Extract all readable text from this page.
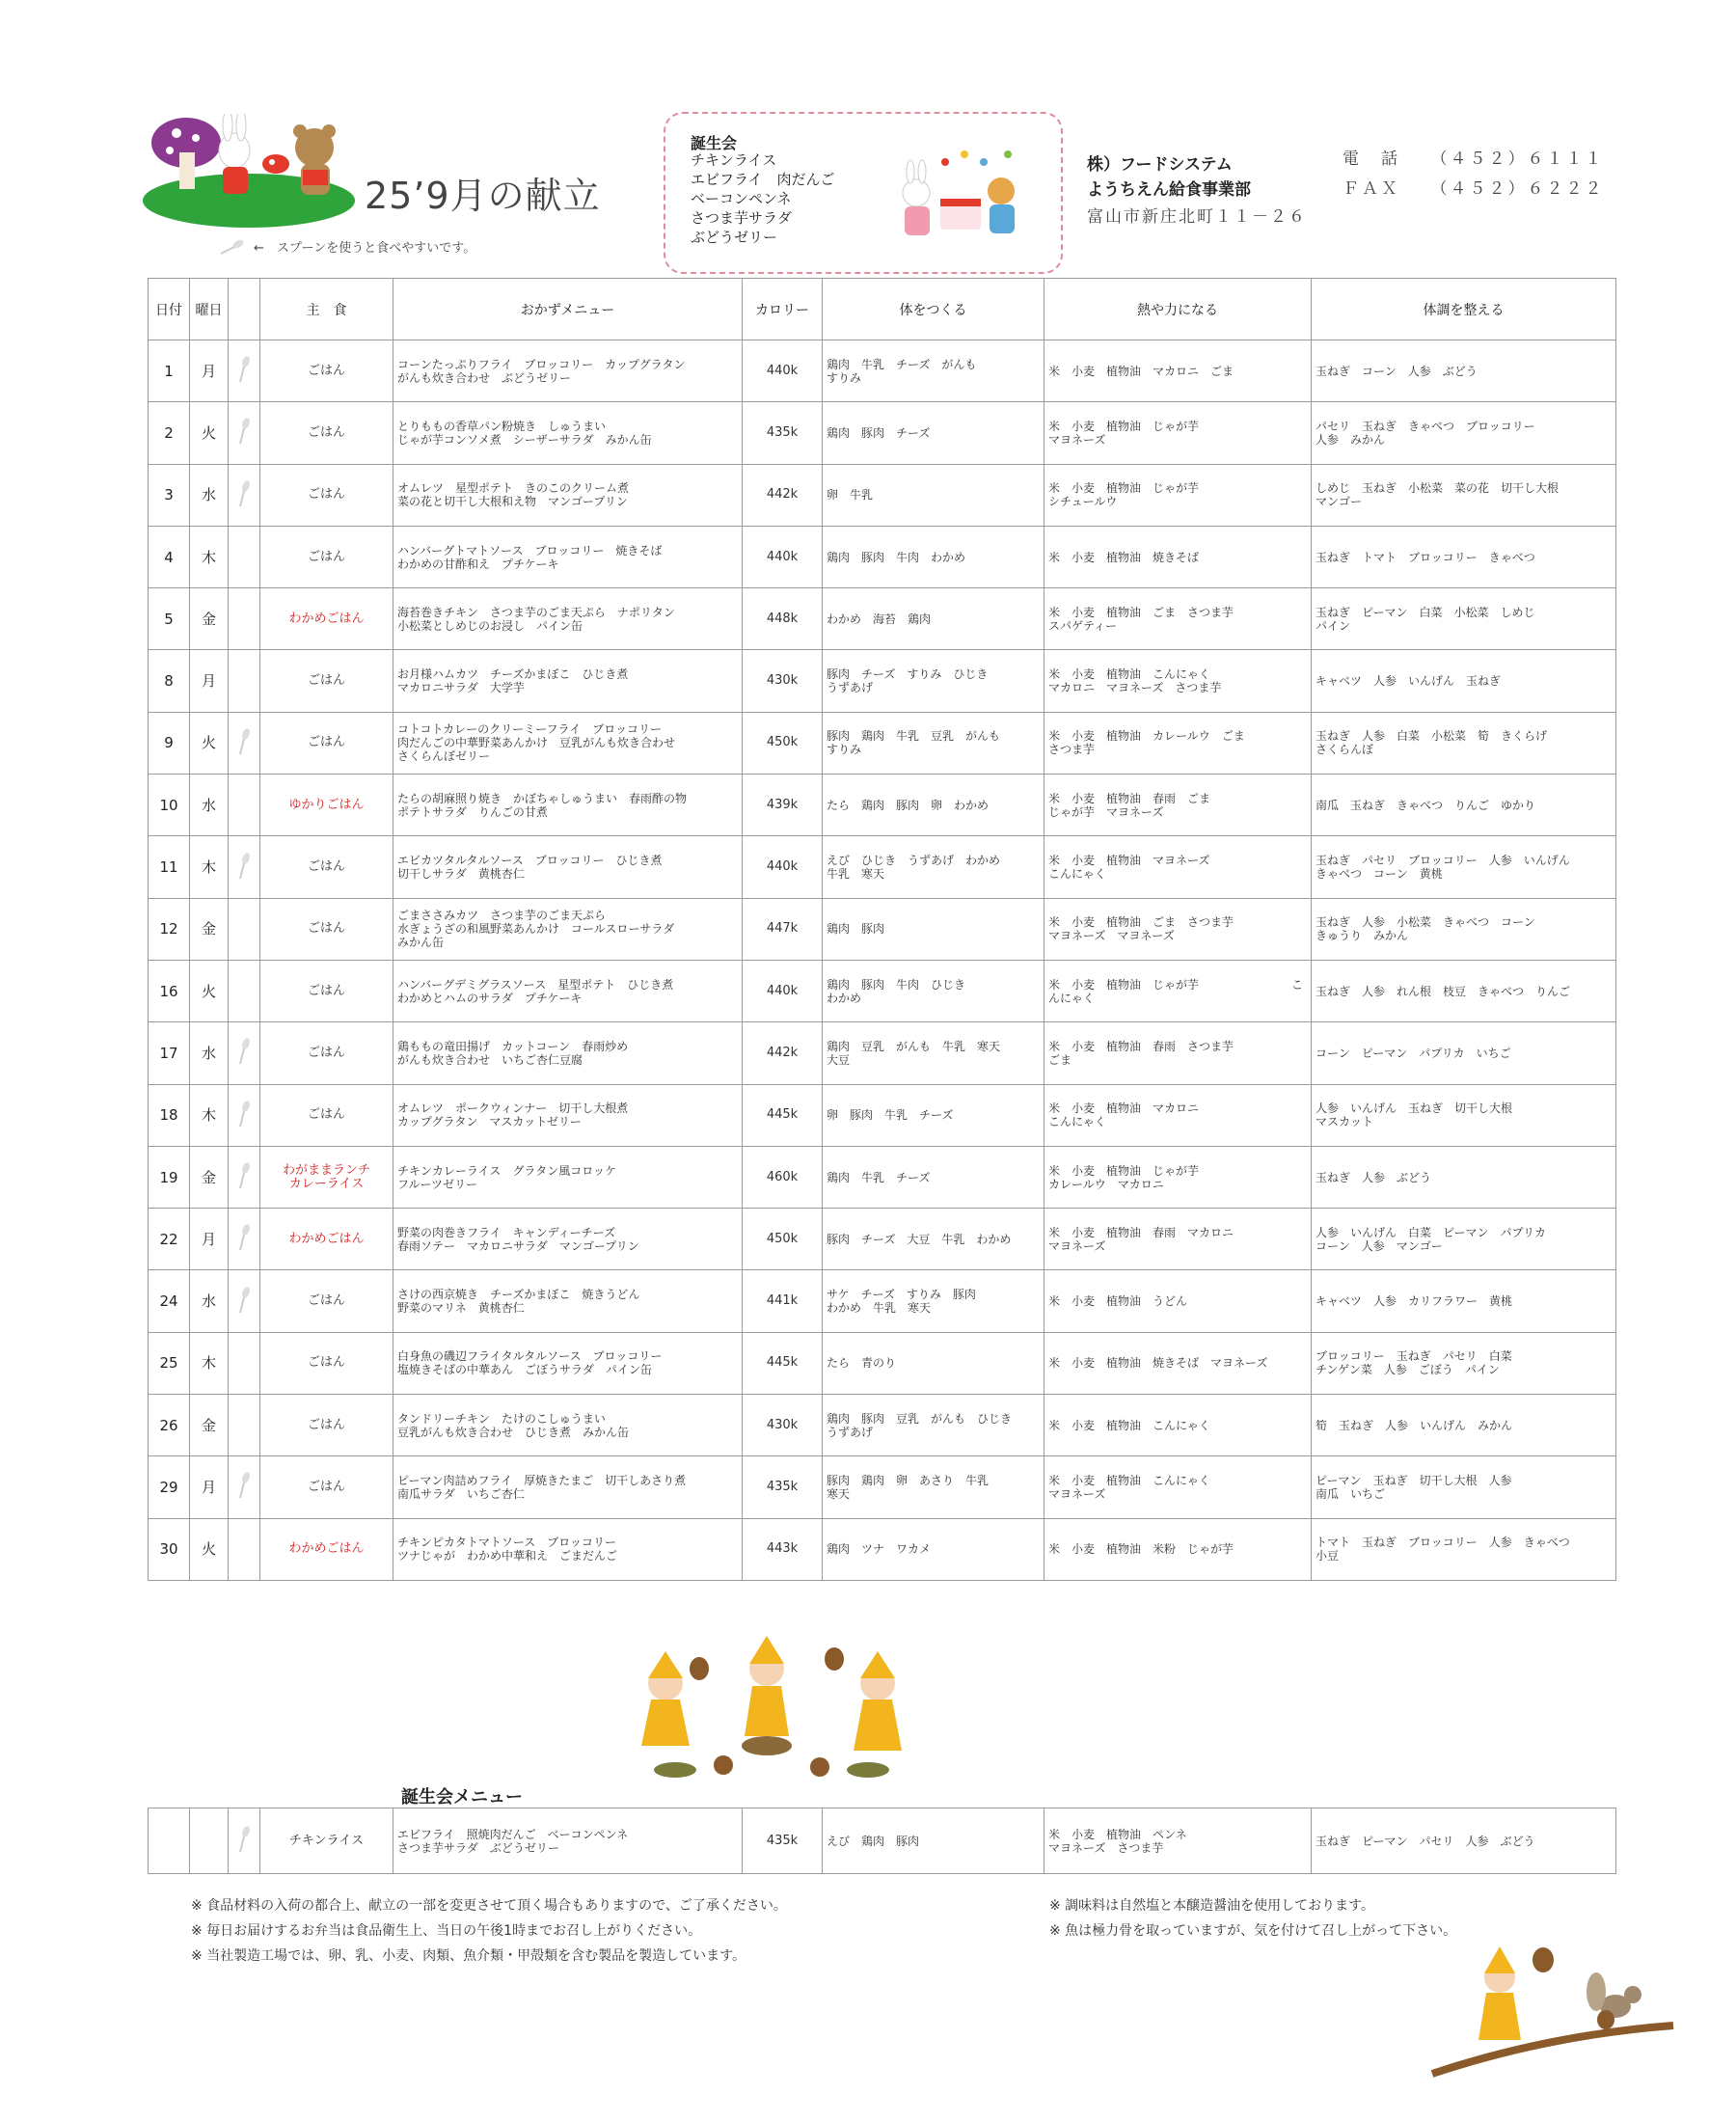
25’9月の献立
←　スプーンを使うと食べやすいです。
誕生会
チキンライス
エビフライ　肉だんご
ベーコンペンネ
さつま芋サラダ
ぶどうゼリー
株）フードシステム
ようちえん給食事業部
富山市新庄北町１１－２６
電　話　　（４５２）６１１１
ＦＡＸ　　（４５２）６２２２
日付	曜日		主　食	おかずメニュー	カロリー	体をつくる	熱や力になる	体調を整える
1	月		ごはん	コーンたっぷりフライ　ブロッコリー　カップグラタン
がんも炊き合わせ　ぶどうゼリー	440k	鶏肉　牛乳　チーズ　がんも
すりみ	米　小麦　植物油　マカロニ　ごま	玉ねぎ　コーン　人参　ぶどう
2	火		ごはん	とりももの香草パン粉焼き　しゅうまい
じゃが芋コンソメ煮　シーザーサラダ　みかん缶	435k	鶏肉　豚肉　チーズ	米　小麦　植物油　じゃが芋
マヨネーズ	パセリ　玉ねぎ　きゃべつ　ブロッコリー
人参　みかん
3	水		ごはん	オムレツ　星型ポテト　きのこのクリーム煮
菜の花と切干し大根和え物　マンゴープリン	442k	卵　牛乳	米　小麦　植物油　じゃが芋
シチュールウ	しめじ　玉ねぎ　小松菜　菜の花　切干し大根
マンゴー
4	木		ごはん	ハンバーグトマトソース　ブロッコリー　焼きそば
わかめの甘酢和え　プチケーキ	440k	鶏肉　豚肉　牛肉　わかめ	米　小麦　植物油　焼きそば	玉ねぎ　トマト　ブロッコリー　きゃべつ
5	金		わかめごはん	海苔巻きチキン　さつま芋のごま天ぷら　ナポリタン
小松菜としめじのお浸し　パイン缶	448k	わかめ　海苔　鶏肉	米　小麦　植物油　ごま　さつま芋
スパゲティー	玉ねぎ　ピーマン　白菜　小松菜　しめじ
パイン
8	月		ごはん	お月様ハムカツ　チーズかまぼこ　ひじき煮
マカロニサラダ　大学芋	430k	豚肉　チーズ　すりみ　ひじき
うずあげ	米　小麦　植物油　こんにゃく
マカロニ　マヨネーズ　さつま芋	キャベツ　人参　いんげん　玉ねぎ
9	火		ごはん	コトコトカレーのクリーミーフライ　ブロッコリー
肉だんごの中華野菜あんかけ　豆乳がんも炊き合わせ
さくらんぼゼリー	450k	豚肉　鶏肉　牛乳　豆乳　がんも
すりみ	米　小麦　植物油　カレールウ　ごま
さつま芋	玉ねぎ　人参　白菜　小松菜　筍　きくらげ
さくらんぼ
10	水		ゆかりごはん	たらの胡麻照り焼き　かぼちゃしゅうまい　春雨酢の物
ポテトサラダ　りんごの甘煮	439k	たら　鶏肉　豚肉　卵　わかめ	米　小麦　植物油　春雨　ごま
じゃが芋　マヨネーズ	南瓜　玉ねぎ　きゃべつ　りんご　ゆかり
11	木		ごはん	エビカツタルタルソース　ブロッコリー　ひじき煮
切干しサラダ　黄桃杏仁	440k	えび　ひじき　うずあげ　わかめ
牛乳　寒天	米　小麦　植物油　マヨネーズ
こんにゃく	玉ねぎ　パセリ　ブロッコリー　人参　いんげん
きゃべつ　コーン　黄桃
12	金		ごはん	ごまささみカツ　さつま芋のごま天ぷら
水ぎょうざの和風野菜あんかけ　コールスローサラダ
みかん缶	447k	鶏肉　豚肉	米　小麦　植物油　ごま　さつま芋
マヨネーズ　マヨネーズ	玉ねぎ　人参　小松菜　きゃべつ　コーン
きゅうり　みかん
16	火		ごはん	ハンバーグデミグラスソース　星型ポテト　ひじき煮
わかめとハムのサラダ　プチケーキ	440k	鶏肉　豚肉　牛肉　ひじき
わかめ	米　小麦　植物油　じゃが芋　　　　　　　　こ
んにゃく	玉ねぎ　人参　れん根　枝豆　きゃべつ　りんご
17	水		ごはん	鶏ももの竜田揚げ　カットコーン　春雨炒め
がんも炊き合わせ　いちご杏仁豆腐	442k	鶏肉　豆乳　がんも　牛乳　寒天
大豆	米　小麦　植物油　春雨　さつま芋
ごま	コーン　ピーマン　パプリカ　いちご
18	木		ごはん	オムレツ　ポークウィンナー　切干し大根煮
カップグラタン　マスカットゼリー	445k	卵　豚肉　牛乳　チーズ	米　小麦　植物油　マカロニ
こんにゃく	人参　いんげん　玉ねぎ　切干し大根
マスカット
19	金		わがままランチ
カレーライス	チキンカレーライス　グラタン風コロッケ
フルーツゼリー	460k	鶏肉　牛乳　チーズ	米　小麦　植物油　じゃが芋
カレールウ　マカロニ	玉ねぎ　人参　ぶどう
22	月		わかめごはん	野菜の肉巻きフライ　キャンディーチーズ
春雨ソテー　マカロニサラダ　マンゴープリン	450k	豚肉　チーズ　大豆　牛乳　わかめ	米　小麦　植物油　春雨　マカロニ
マヨネーズ	人参　いんげん　白菜　ピーマン　パプリカ
コーン　人参　マンゴー
24	水		ごはん	さけの西京焼き　チーズかまぼこ　焼きうどん
野菜のマリネ　黄桃杏仁	441k	サケ　チーズ　すりみ　豚肉
わかめ　牛乳　寒天	米　小麦　植物油　うどん	キャベツ　人参　カリフラワー　黄桃
25	木		ごはん	白身魚の磯辺フライタルタルソース　ブロッコリー
塩焼きそばの中華あん　ごぼうサラダ　パイン缶	445k	たら　青のり	米　小麦　植物油　焼きそば　マヨネーズ	ブロッコリー　玉ねぎ　パセリ　白菜
チンゲン菜　人参　ごぼう　パイン
26	金		ごはん	タンドリーチキン　たけのこしゅうまい
豆乳がんも炊き合わせ　ひじき煮　みかん缶	430k	鶏肉　豚肉　豆乳　がんも　ひじき
うずあげ	米　小麦　植物油　こんにゃく	筍　玉ねぎ　人参　いんげん　みかん
29	月		ごはん	ピーマン肉詰めフライ　厚焼きたまご　切干しあさり煮
南瓜サラダ　いちご杏仁	435k	豚肉　鶏肉　卵　あさり　牛乳
寒天	米　小麦　植物油　こんにゃく
マヨネーズ	ピーマン　玉ねぎ　切干し大根　人参
南瓜　いちご
30	火		わかめごはん	チキンピカタトマトソース　ブロッコリー
ツナじゃが　わかめ中華和え　ごまだんご	443k	鶏肉　ツナ　ワカメ	米　小麦　植物油　米粉　じゃが芋	トマト　玉ねぎ　ブロッコリー　人参　きゃべつ
小豆
誕生会メニュー
			チキンライス	エビフライ　照焼肉だんご　ベーコンペンネ
さつま芋サラダ　ぶどうゼリー	435k	えび　鶏肉　豚肉	米　小麦　植物油　ペンネ
マヨネーズ　さつま芋	玉ねぎ　ピーマン　パセリ　人参　ぶどう
※ 食品材料の入荷の都合上、献立の一部を変更させて頂く場合もありますので、ご了承ください。
※ 毎日お届けするお弁当は食品衛生上、当日の午後1時までお召し上がりください。
※ 当社製造工場では、卵、乳、小麦、肉類、魚介類・甲殻類を含む製品を製造しています。
※ 調味料は自然塩と本醸造醤油を使用しております。
※ 魚は極力骨を取っていますが、気を付けて召し上がって下さい。
